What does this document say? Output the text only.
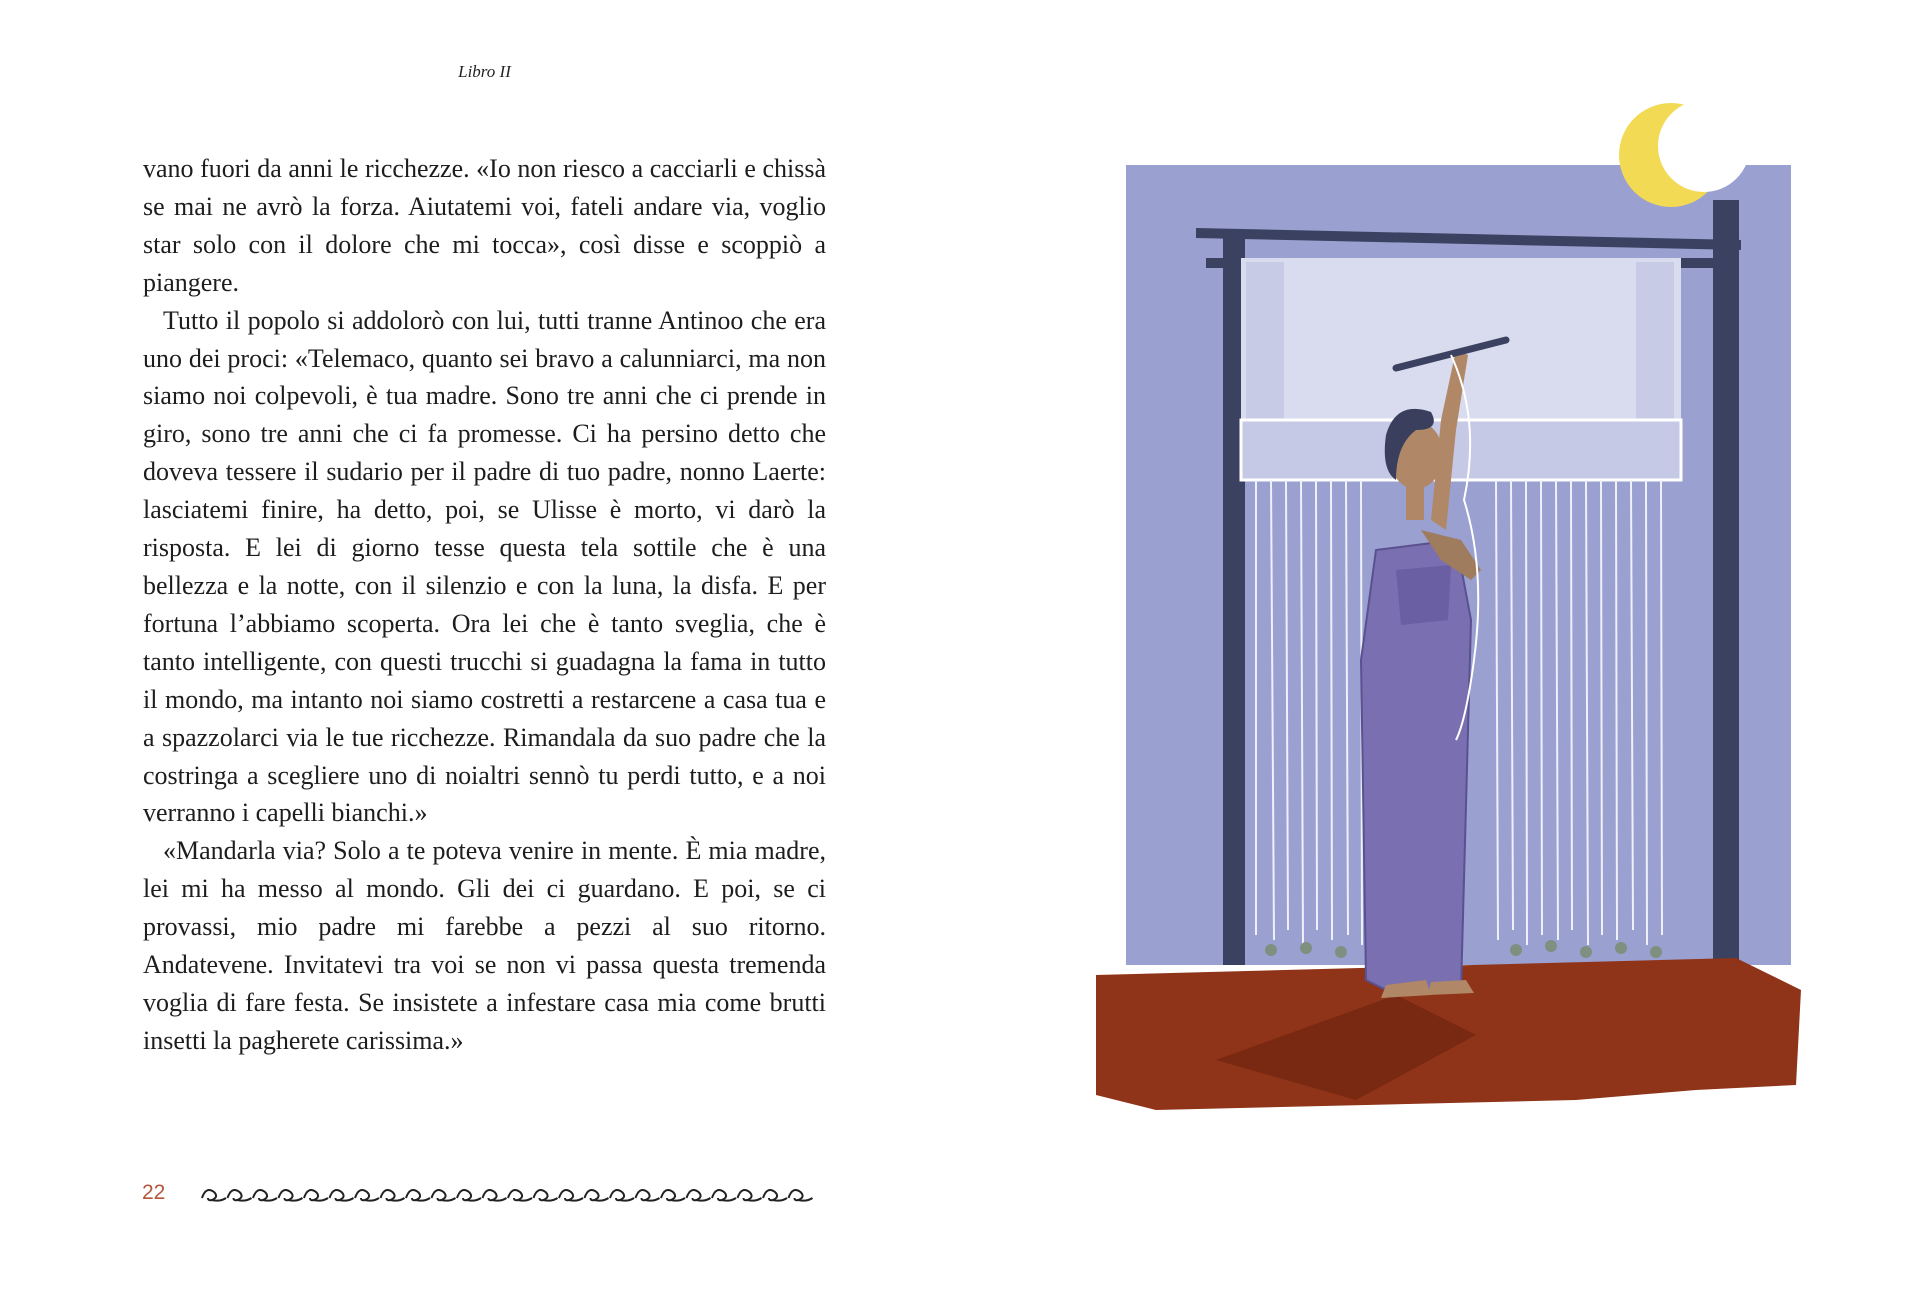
Libro II

vano fuori da anni le ricchezze. «Io non riesco a cacciarli e chissà se mai ne avrò la forza. Aiutatemi voi, fateli andare via, voglio star solo con il dolore che mi tocca», così disse e scoppiò a piangere.

Tutto il popolo si addolorò con lui, tutti tranne Antinoo che era uno dei proci: «Telemaco, quanto sei bravo a calunniarci, ma non siamo noi colpevoli, è tua madre. Sono tre anni che ci prende in giro, sono tre anni che ci fa promesse. Ci ha persino detto che doveva tessere il sudario per il padre di tuo padre, nonno Laerte: lasciatemi finire, ha detto, poi, se Ulisse è morto, vi darò la risposta. E lei di giorno tesse questa tela sottile che è una bellezza e la notte, con il silenzio e con la luna, la disfa. E per fortuna l’abbiamo scoperta. Ora lei che è tanto sveglia, che è tanto intelligente, con questi trucchi si guadagna la fama in tutto il mondo, ma intanto noi siamo costretti a restarcene a casa tua e a spazzolarci via le tue ricchezze. Rimandala da suo padre che la costringa a scegliere uno di noialtri sennò tu perdi tutto, e a noi verranno i capelli bianchi.»

«Mandarla via? Solo a te poteva venire in mente. È mia madre, lei mi ha messo al mondo. Gli dei ci guardano. E poi, se ci provassi, mio padre mi farebbe a pezzi al suo ritorno. Andatevene. Invitatevi tra voi se non vi passa questa tremenda voglia di fare festa. Se insistete a infestare casa mia come brutti insetti la pagherete carissima.»

22
